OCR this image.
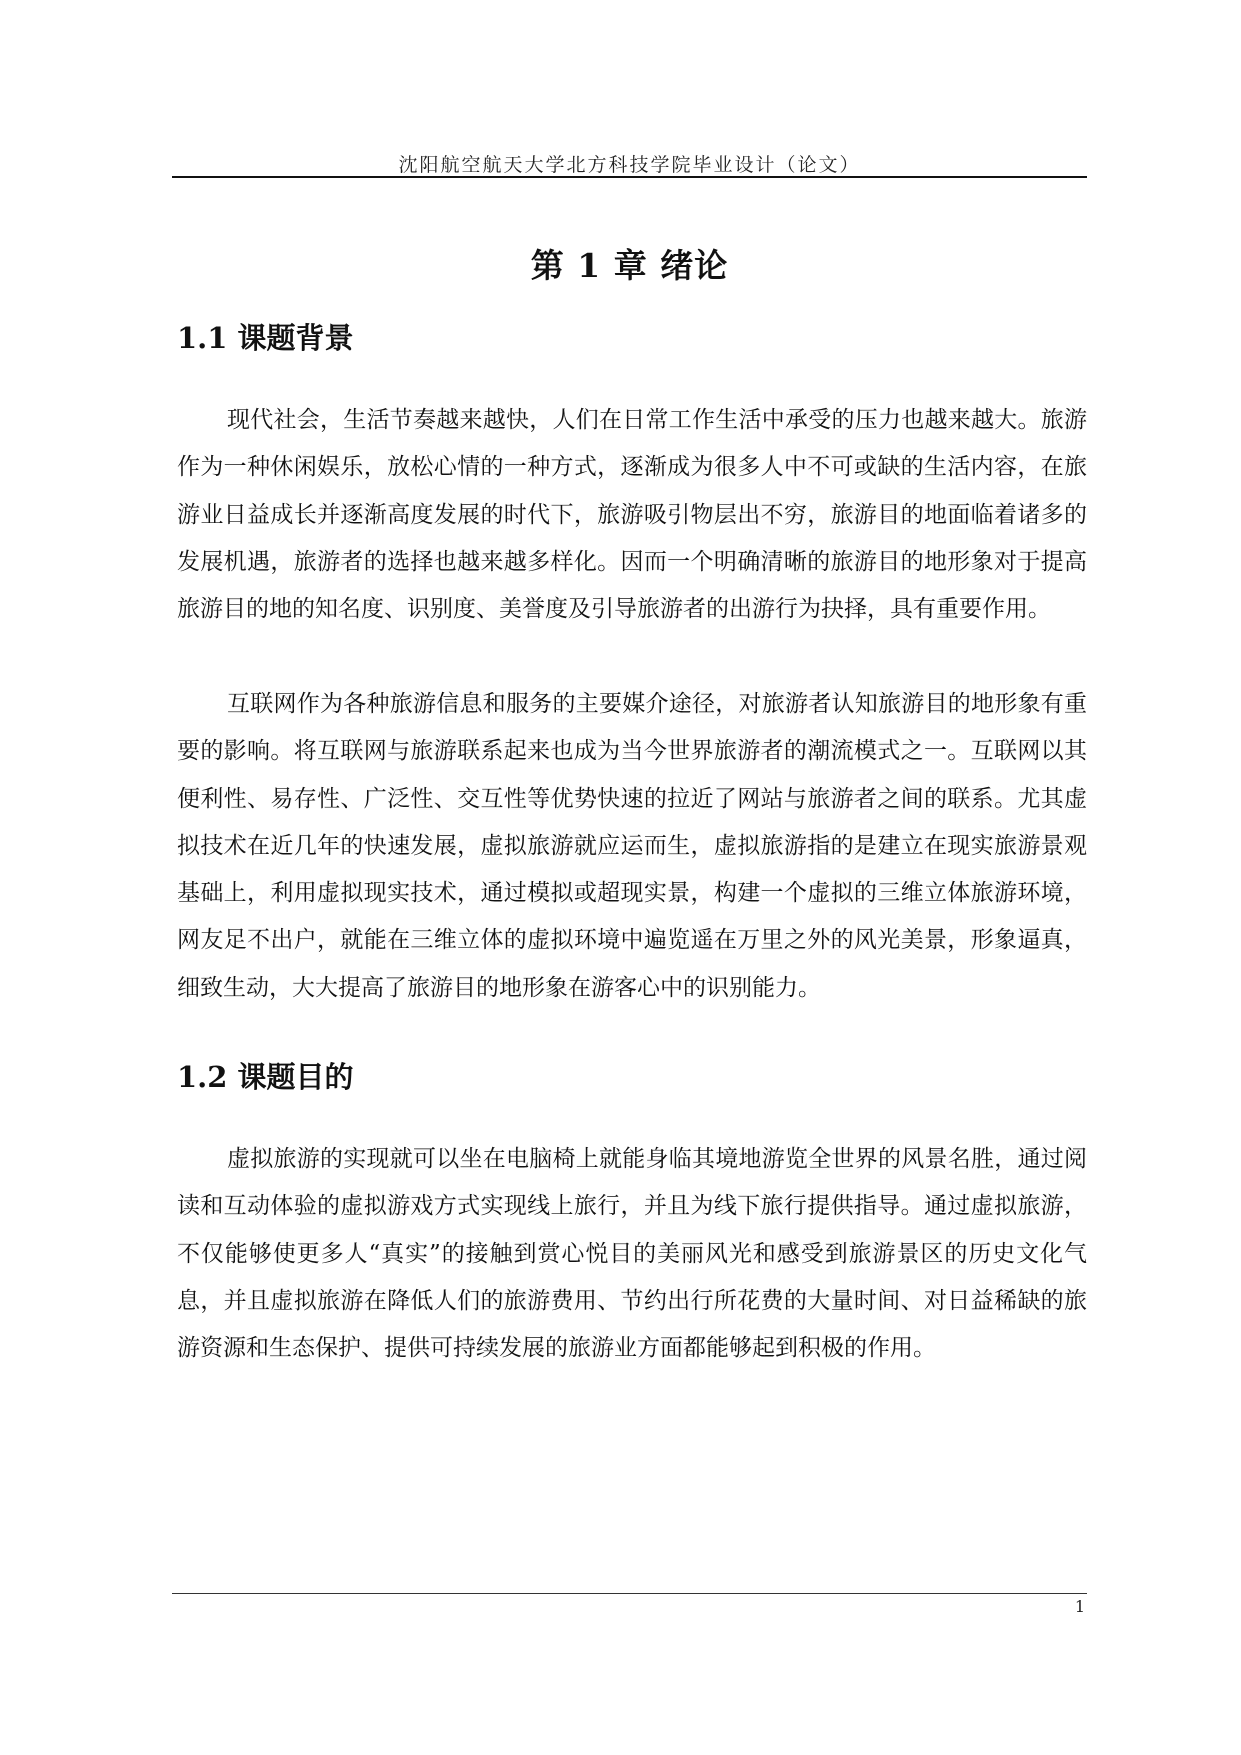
沈阳航空航天大学北方科技学院毕业设计（论文）
第 1 章 绪论
1.1 课题背景

现代社会，生活节奏越来越快，人们在日常工作生活中承受的压力也越来越大。旅游作为一种休闲娱乐，放松心情的一种方式，逐渐成为很多人中不可或缺的生活内容，在旅游业日益成长并逐渐高度发展的时代下，旅游吸引物层出不穷，旅游目的地面临着诸多的发展机遇，旅游者的选择也越来越多样化。因而一个明确清晰的旅游目的地形象对于提高旅游目的地的知名度、识别度、美誉度及引导旅游者的出游行为抉择，具有重要作用。

互联网作为各种旅游信息和服务的主要媒介途径，对旅游者认知旅游目的地形象有重要的影响。将互联网与旅游联系起来也成为当今世界旅游者的潮流模式之一。互联网以其便利性、易存性、广泛性、交互性等优势快速的拉近了网站与旅游者之间的联系。尤其虚拟技术在近几年的快速发展，虚拟旅游就应运而生，虚拟旅游指的是建立在现实旅游景观基础上，利用虚拟现实技术，通过模拟或超现实景，构建一个虚拟的三维立体旅游环境，网友足不出户，就能在三维立体的虚拟环境中遍览遥在万里之外的风光美景，形象逼真，细致生动，大大提高了旅游目的地形象在游客心中的识别能力。

1.2 课题目的

虚拟旅游的实现就可以坐在电脑椅上就能身临其境地游览全世界的风景名胜，通过阅读和互动体验的虚拟游戏方式实现线上旅行，并且为线下旅行提供指导。通过虚拟旅游，不仅能够使更多人“真实”的接触到赏心悦目的美丽风光和感受到旅游景区的历史文化气息，并且虚拟旅游在降低人们的旅游费用、节约出行所花费的大量时间、对日益稀缺的旅游资源和生态保护、提供可持续发展的旅游业方面都能够起到积极的作用。

1
